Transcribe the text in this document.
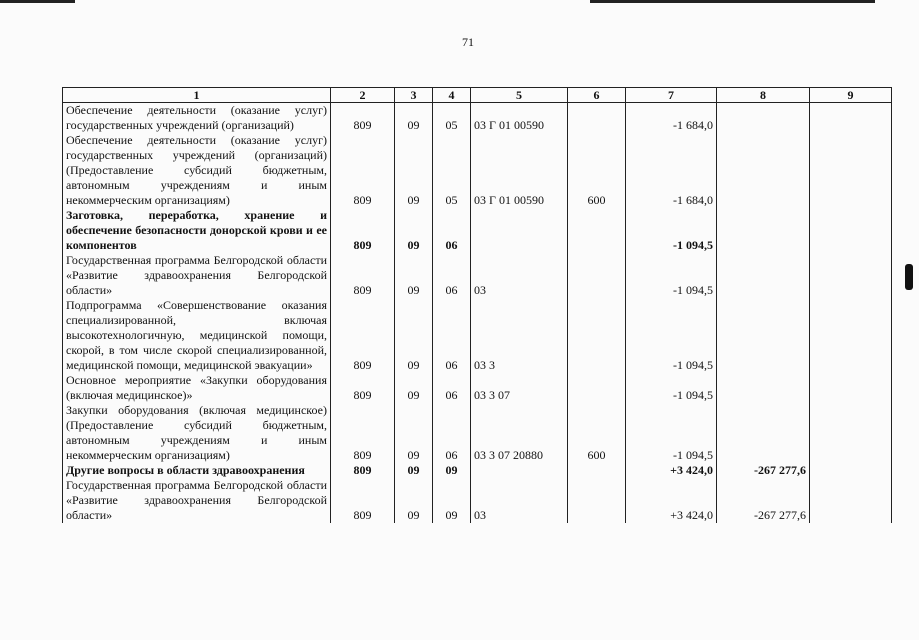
71
1	2	3	4	5	6	7	8	9
Обеспечение деятельности (оказание услуг) государственных учреждений (организаций)	809	09	05	03 Г 01 00590		-1 684,0		
Обеспечение деятельности (оказание услуг) государственных учреждений (организаций) (Предоставление субсидий бюджетным, автономным учреждениям и иным некоммерческим организациям)	809	09	05	03 Г 01 00590	600	-1 684,0		
Заготовка, переработка, хранение и обеспечение безопасности донорской крови и ее компонентов	809	09	06			-1 094,5		
Государственная программа Белгородской области «Развитие здравоохранения Белгородской области»	809	09	06	03		-1 094,5		
Подпрограмма «Совершенствование оказания специализированной, включая высокотехнологичную, медицинской помощи, скорой, в том числе скорой специализированной, медицинской помощи, медицинской эвакуации»	809	09	06	03 3		-1 094,5		
Основное мероприятие «Закупки оборудования (включая медицинское)»	809	09	06	03 3 07		-1 094,5		
Закупки оборудования (включая медицинское) (Предоставление субсидий бюджетным, автономным учреждениям и иным некоммерческим организациям)	809	09	06	03 3 07 20880	600	-1 094,5		
Другие вопросы в области здравоохранения	809	09	09			+3 424,0	-267 277,6	
Государственная программа Белгородской области «Развитие здравоохранения Белгородской области»	809	09	09	03		+3 424,0	-267 277,6	
